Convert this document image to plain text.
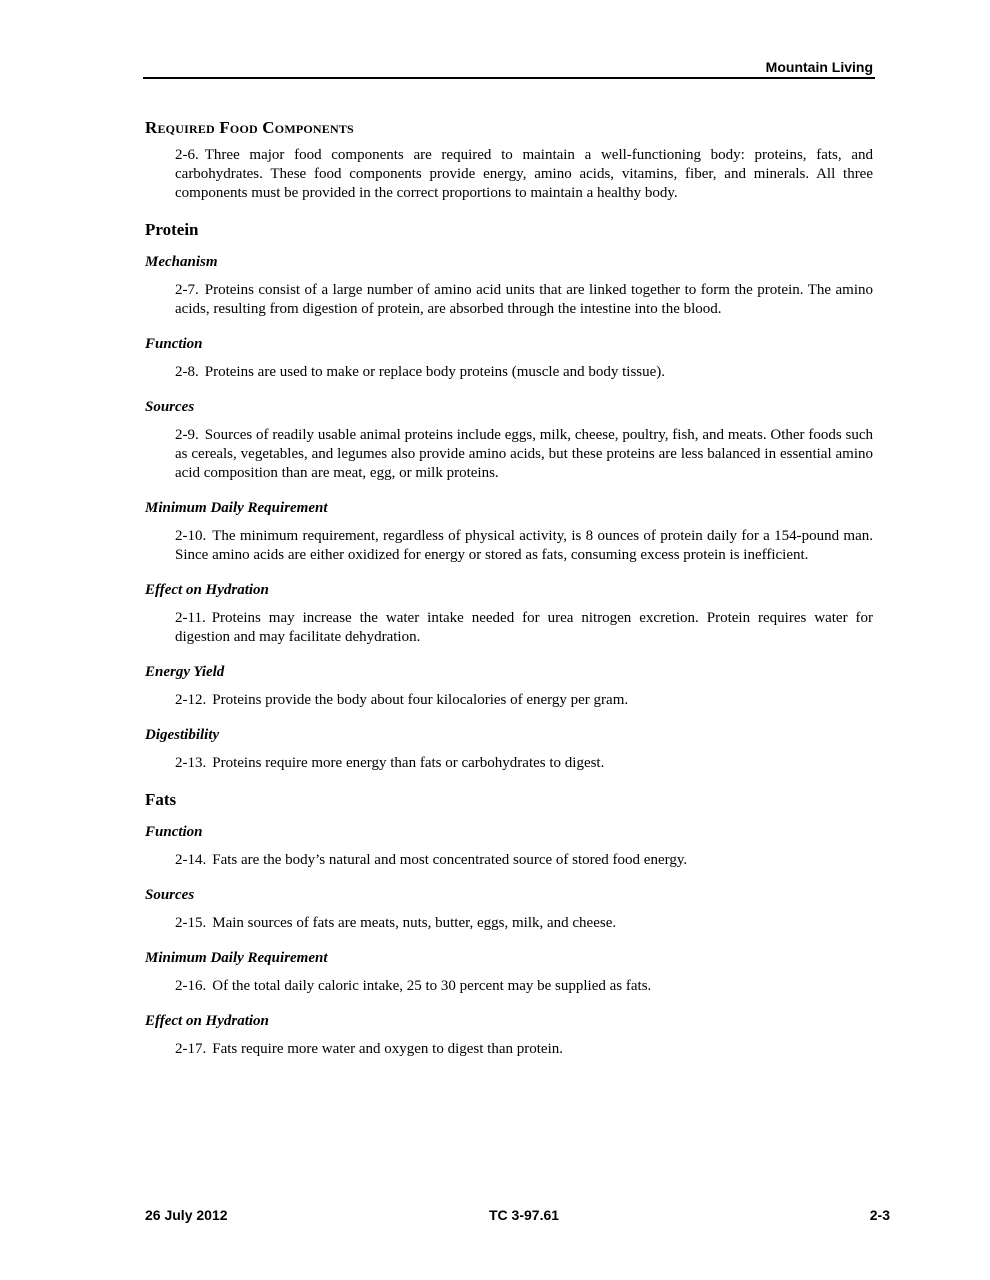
Mountain Living
Required Food Components

2-6. Three major food components are required to maintain a well-functioning body: proteins, fats, and carbohydrates. These food components provide energy, amino acids, vitamins, fiber, and minerals. All three components must be provided in the correct proportions to maintain a healthy body.

Protein
Mechanism

2-7. Proteins consist of a large number of amino acid units that are linked together to form the protein. The amino acids, resulting from digestion of protein, are absorbed through the intestine into the blood.

Function

2-8. Proteins are used to make or replace body proteins (muscle and body tissue).

Sources

2-9. Sources of readily usable animal proteins include eggs, milk, cheese, poultry, fish, and meats. Other foods such as cereals, vegetables, and legumes also provide amino acids, but these proteins are less balanced in essential amino acid composition than are meat, egg, or milk proteins.

Minimum Daily Requirement

2-10. The minimum requirement, regardless of physical activity, is 8 ounces of protein daily for a 154-pound man. Since amino acids are either oxidized for energy or stored as fats, consuming excess protein is inefficient.

Effect on Hydration

2-11. Proteins may increase the water intake needed for urea nitrogen excretion. Protein requires water for digestion and may facilitate dehydration.

Energy Yield

2-12. Proteins provide the body about four kilocalories of energy per gram.

Digestibility

2-13. Proteins require more energy than fats or carbohydrates to digest.

Fats
Function

2-14. Fats are the body’s natural and most concentrated source of stored food energy.

Sources

2-15. Main sources of fats are meats, nuts, butter, eggs, milk, and cheese.

Minimum Daily Requirement

2-16. Of the total daily caloric intake, 25 to 30 percent may be supplied as fats.

Effect on Hydration

2-17. Fats require more water and oxygen to digest than protein.

26 July 2012	TC 3-97.61	2-3
